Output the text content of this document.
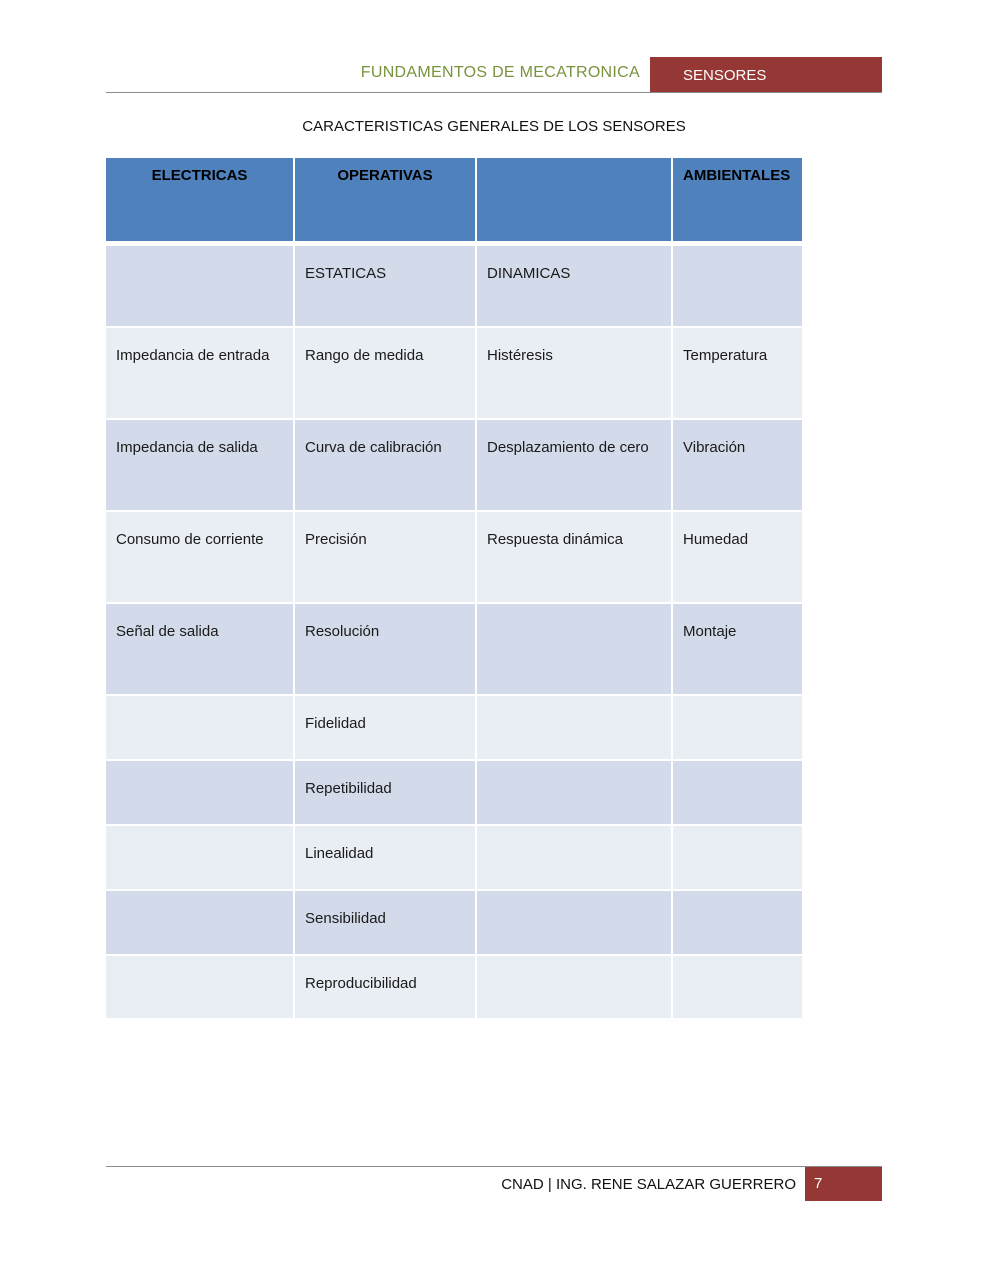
FUNDAMENTOS DE MECATRONICA	SENSORES
CARACTERISTICAS GENERALES DE LOS SENSORES
ELECTRICAS	OPERATIVAS		AMBIENTALES
	ESTATICAS	DINAMICAS	
Impedancia de entrada	Rango de medida	Histéresis	Temperatura
Impedancia de salida	Curva de calibración	Desplazamiento de cero	Vibración
Consumo de corriente	Precisión	Respuesta dinámica	Humedad
Señal de salida	Resolución		Montaje
	Fidelidad		
	Repetibilidad		
	Linealidad		
	Sensibilidad		
	Reproducibilidad		
CNAD | ING. RENE SALAZAR GUERRERO	7
